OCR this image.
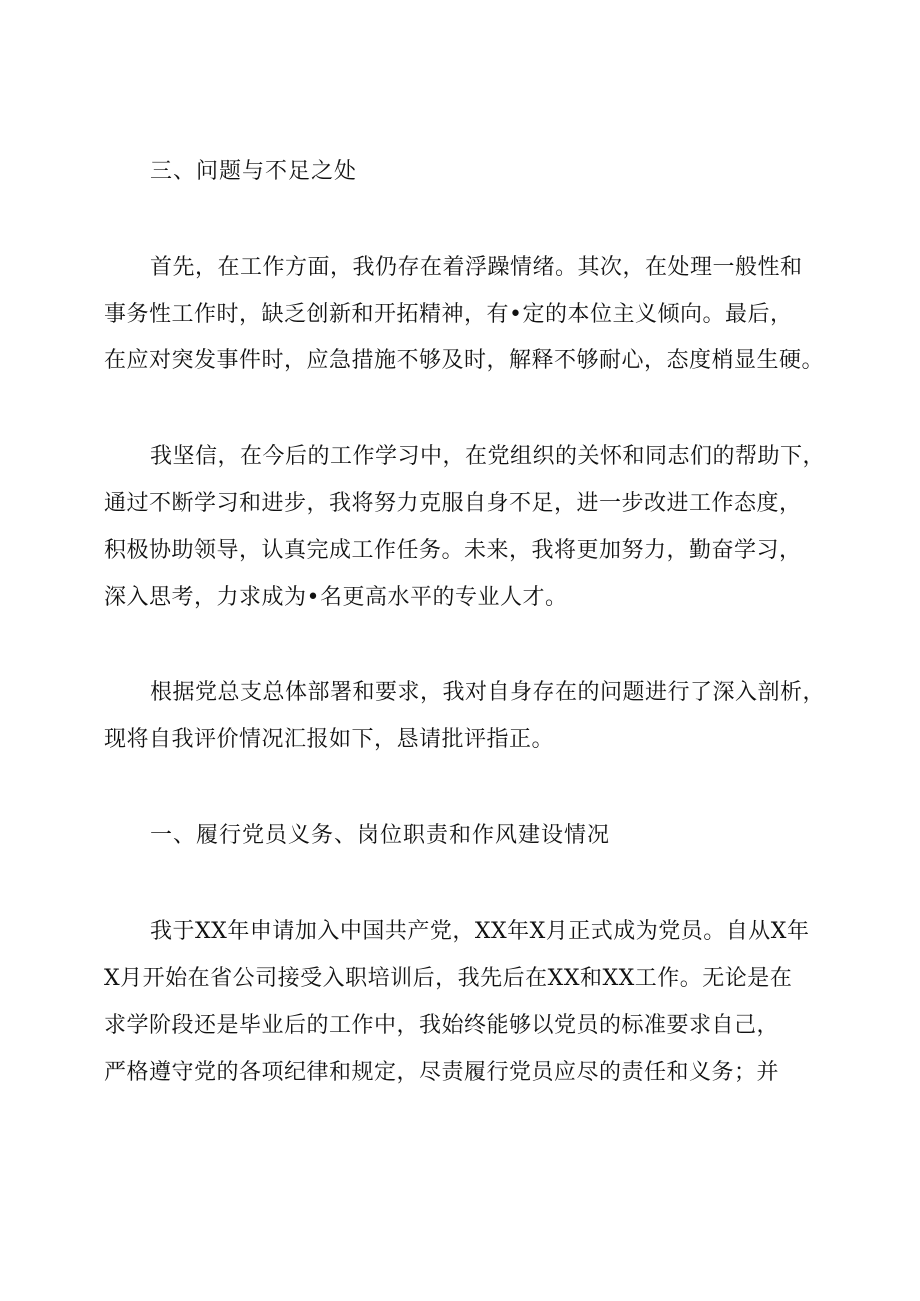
三、问题与不足之处
首先，在工作方面，我仍存在着浮躁情绪。其次，在处理一般性和
事务性工作时，缺乏创新和开拓精神，有•定的本位主义倾向。最后，
在应对突发事件时，应急措施不够及时，解释不够耐心，态度梢显生硬。
我坚信，在今后的工作学习中，在党组织的关怀和同志们的帮助下，
通过不断学习和进步，我将努力克服自身不足，进一步改进工作态度，
积极协助领导，认真完成工作任务。未来，我将更加努力，勤奋学习，
深入思考，力求成为•名更高水平的专业人才。
根据党总支总体部署和要求，我对自身存在的问题进行了深入剖析，
现将自我评价情况汇报如下，恳请批评指正。
一、履行党员义务、岗位职责和作风建设情况
我于XX年申请加入中国共产党，XX年X月正式成为党员。自从X年
X月开始在省公司接受入职培训后，我先后在XX和XX工作。无论是在
求学阶段还是毕业后的工作中，我始终能够以党员的标准要求自己，
严格遵守党的各项纪律和规定，尽责履行党员应尽的责任和义务；并
